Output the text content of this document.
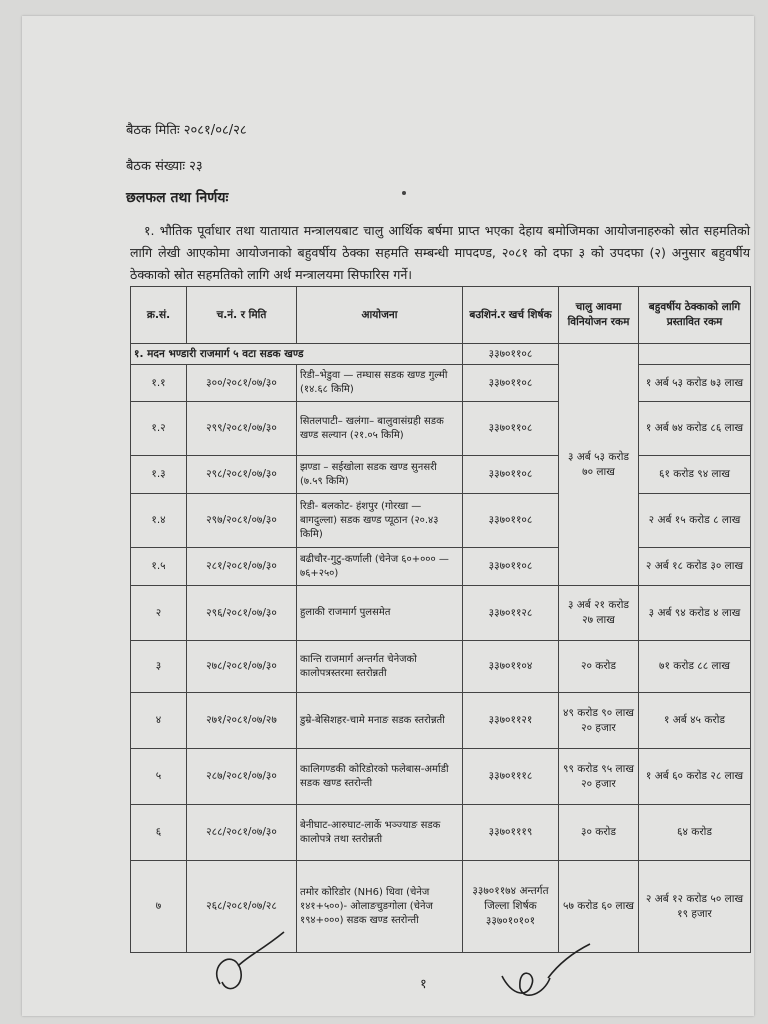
बैठक मितिः २०८१/०८/२८
बैठक संख्याः २३
छलफल तथा निर्णयः
१. भौतिक पूर्वाधार तथा यातायात मन्त्रालयबाट चालु आर्थिक बर्षमा प्राप्त भएका देहाय बमोजिमका आयोजनाहरुको स्रोत सहमतिको लागि लेखी आएकोमा आयोजनाको बहुवर्षीय ठेक्का सहमति सम्बन्धी मापदण्ड, २०८१ को दफा ३ को उपदफा (२) अनुसार बहुवर्षीय ठेक्काको स्रोत सहमतिको लागि अर्थ मन्त्रालयमा सिफारिस गर्ने।
क्र.सं.	च.नं. र मिति	आयोजना	बउशिनं.र खर्च शिर्षक	चालु आवमा विनियोजन रकम	बहुवर्षीय ठेक्काको लागि प्रस्तावित रकम
१. मदन भण्डारी राजमार्ग ५ वटा सडक खण्ड			३३७०११०८	३ अर्ब ५३ करोड ७० लाख	
१.१	३००/२०८१/०७/३०	रिडी–भेडुवा — तम्घास सडक खण्ड गुल्मी (१४.६८ किमि)	३३७०११०८		१ अर्ब ५३ करोड ७३ लाख
१.२	२९९/२०८१/०७/३०	सितलपाटी– खलंगा– बालुवासंग्रही सडक खण्ड सल्यान (२१.०५ किमि)	३३७०११०८		१ अर्ब ७४ करोड ८६ लाख
१.३	२९८/२०८१/०७/३०	झण्डा – सईखोला सडक खण्ड सुनसरी (७.५९ किमि)	३३७०११०८		६१ करोड ९४ लाख
१.४	२९७/२०८१/०७/३०	रिडी- बलकोट- हंशपुर (गोरखा — बागदुल्ला) सडक खण्ड प्यूठान (२०.४३ किमि)	३३७०११०८		२ अर्ब १५ करोड ८ लाख
१.५	२८१/२०८१/०७/३०	बढीचौर-गुटु-कर्णाली (चेनेज ६०+००० — ७६+२५०)	३३७०११०८		२ अर्ब १८ करोड ३० लाख
२	२९६/२०८१/०७/३०	हुलाकी राजमार्ग पुलसमेत	३३७०११२८	३ अर्ब २१ करोड २७ लाख	३ अर्ब ९४ करोड ४ लाख
३	२७८/२०८१/०७/३०	कान्ति राजमार्ग अन्तर्गत चेनेजको कालोपत्रस्तरमा स्तरोन्नती	३३७०११०४	२० करोड	७१ करोड ८८ लाख
४	२७१/२०८१/०७/२७	डुम्रे-बेसिशहर-चामे मनाङ सडक स्तरोन्नती	३३७०११२१	४९ करोड ९० लाख २० हजार	१ अर्ब ४५ करोड
५	२८७/२०८१/०७/३०	कालिगण्डकी कोरिडोरको फलेबास-अर्माडी सडक खण्ड स्तरोन्ती	३३७०१११८	९९ करोड ९५ लाख २० हजार	१ अर्ब ६० करोड २८ लाख
६	२८८/२०८१/०७/३०	बेनीघाट-आरुघाट-लार्के भञ्ज्याङ सडक कालोपत्रे तथा स्तरोन्नती	३३७०१११९	३० करोड	६४ करोड
७	२६८/२०८१/०७/२८	तमोर कोरिडोर (NH6) धिवा (चेनेज १४१+५००)- ओलाङचुङगोला (चेनेज १९४+०००) सडक खण्ड स्तरोन्ती	३३७०११७४ अन्तर्गत जिल्ला शिर्षक ३३७०१०१०१	५७ करोड ६० लाख	२ अर्ब १२ करोड ५० लाख १९ हजार
१
